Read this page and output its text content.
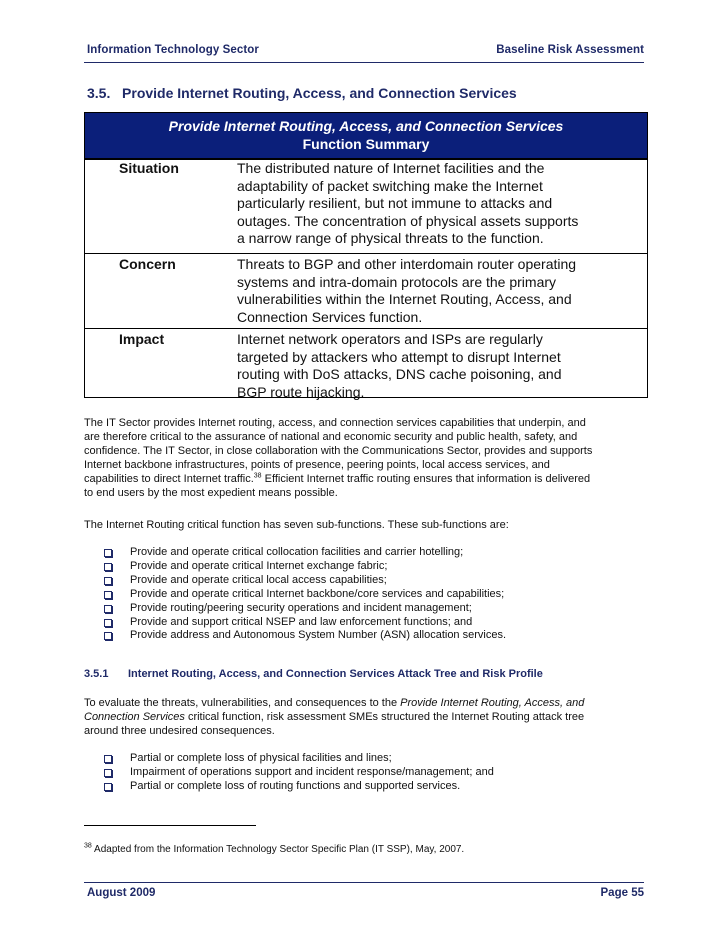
Information Technology Sector	Baseline Risk Assessment
3.5. Provide Internet Routing, Access, and Connection Services
Provide Internet Routing, Access, and Connection Services
Function Summary
Situation	The distributed nature of Internet facilities and the
adaptability of packet switching make the Internet
particularly resilient, but not immune to attacks and
outages. The concentration of physical assets supports
a narrow range of physical threats to the function.
Concern	Threats to BGP and other interdomain router operating
systems and intra-domain protocols are the primary
vulnerabilities within the Internet Routing, Access, and
Connection Services function.
Impact	Internet network operators and ISPs are regularly
targeted by attackers who attempt to disrupt Internet
routing with DoS attacks, DNS cache poisoning, and
BGP route hijacking.
The IT Sector provides Internet routing, access, and connection services capabilities that underpin, and
are therefore critical to the assurance of national and economic security and public health, safety, and
confidence. The IT Sector, in close collaboration with the Communications Sector, provides and supports
Internet backbone infrastructures, points of presence, peering points, local access services, and
capabilities to direct Internet traffic.$^{38}$ Efficient Internet traffic routing ensures that information is delivered
to end users by the most expedient means possible.
The Internet Routing critical function has seven sub-functions. These sub-functions are:
Provide and operate critical collocation facilities and carrier hotelling;
Provide and operate critical Internet exchange fabric;
Provide and operate critical local access capabilities;
Provide and operate critical Internet backbone/core services and capabilities;
Provide routing/peering security operations and incident management;
Provide and support critical NSEP and law enforcement functions; and
Provide address and Autonomous System Number (ASN) allocation services.
3.5.1 Internet Routing, Access, and Connection Services Attack Tree and Risk Profile
To evaluate the threats, vulnerabilities, and consequences to the Provide Internet Routing, Access, and
Connection Services critical function, risk assessment SMEs structured the Internet Routing attack tree
around three undesired consequences.
Partial or complete loss of physical facilities and lines;
Impairment of operations support and incident response/management; and
Partial or complete loss of routing functions and supported services.
$^{38}$ Adapted from the Information Technology Sector Specific Plan (IT SSP), May, 2007.
August 2009	Page 55
